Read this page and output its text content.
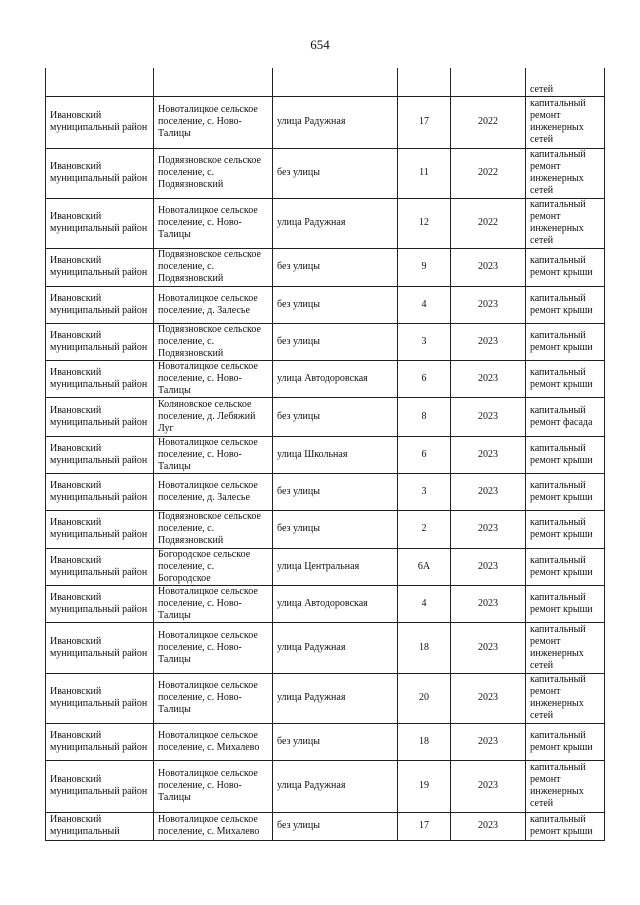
654
					сетей
Ивановский муниципальный район	Новоталицкое сельское поселение, с. Ново-Талицы	улица Радужная	17	2022	капитальный ремонт инженерных сетей
Ивановский муниципальный район	Подвязновское сельское поселение, с. Подвязновский	без улицы	11	2022	капитальный ремонт инженерных сетей
Ивановский муниципальный район	Новоталицкое сельское поселение, с. Ново-Талицы	улица Радужная	12	2022	капитальный ремонт инженерных сетей
Ивановский муниципальный район	Подвязновское сельское поселение, с. Подвязновский	без улицы	9	2023	капитальный ремонт крыши
Ивановский муниципальный район	Новоталицкое сельское поселение, д. Залесье	без улицы	4	2023	капитальный ремонт крыши
Ивановский муниципальный район	Подвязновское сельское поселение, с. Подвязновский	без улицы	3	2023	капитальный ремонт крыши
Ивановский муниципальный район	Новоталицкое сельское поселение, с. Ново-Талицы	улица Автодоровская	6	2023	капитальный ремонт крыши
Ивановский муниципальный район	Коляновское сельское поселение, д. Лебяжий Луг	без улицы	8	2023	капитальный ремонт фасада
Ивановский муниципальный район	Новоталицкое сельское поселение, с. Ново-Талицы	улица Школьная	6	2023	капитальный ремонт крыши
Ивановский муниципальный район	Новоталицкое сельское поселение, д. Залесье	без улицы	3	2023	капитальный ремонт крыши
Ивановский муниципальный район	Подвязновское сельское поселение, с. Подвязновский	без улицы	2	2023	капитальный ремонт крыши
Ивановский муниципальный район	Богородское сельское поселение, с. Богородское	улица Центральная	6А	2023	капитальный ремонт крыши
Ивановский муниципальный район	Новоталицкое сельское поселение, с. Ново-Талицы	улица Автодоровская	4	2023	капитальный ремонт крыши
Ивановский муниципальный район	Новоталицкое сельское поселение, с. Ново-Талицы	улица Радужная	18	2023	капитальный ремонт инженерных сетей
Ивановский муниципальный район	Новоталицкое сельское поселение, с. Ново-Талицы	улица Радужная	20	2023	капитальный ремонт инженерных сетей
Ивановский муниципальный район	Новоталицкое сельское поселение, с. Михалево	без улицы	18	2023	капитальный ремонт крыши
Ивановский муниципальный район	Новоталицкое сельское поселение, с. Ново-Талицы	улица Радужная	19	2023	капитальный ремонт инженерных сетей
Ивановский муниципальный	Новоталицкое сельское поселение, с. Михалево	без улицы	17	2023	капитальный ремонт крыши
